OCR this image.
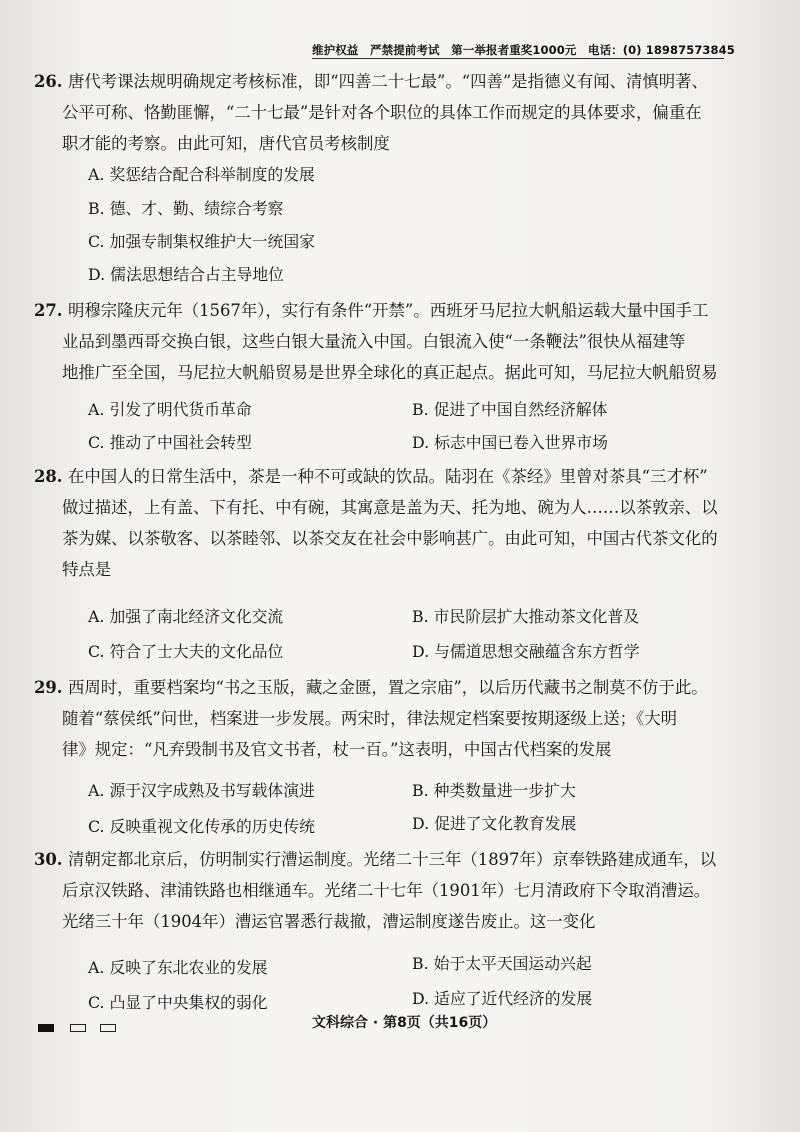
维护权益　严禁提前考试　第一举报者重奖1000元　电话：(0) 18987573845
26. 唐代考课法规明确规定考核标准，即“四善二十七最”。“四善”是指德义有闻、清慎明著、
公平可称、恪勤匪懈，“二十七最”是针对各个职位的具体工作而规定的具体要求，偏重在
职才能的考察。由此可知，唐代官员考核制度
A. 奖惩结合配合科举制度的发展
B. 德、才、勤、绩综合考察
C. 加强专制集权维护大一统国家
D. 儒法思想结合占主导地位
27. 明穆宗隆庆元年（1567年），实行有条件“开禁”。西班牙马尼拉大帆船运载大量中国手工
业品到墨西哥交换白银，这些白银大量流入中国。白银流入使“一条鞭法”很快从福建等
地推广至全国，马尼拉大帆船贸易是世界全球化的真正起点。据此可知，马尼拉大帆船贸易
A. 引发了明代货币革命	B. 促进了中国自然经济解体
C. 推动了中国社会转型	D. 标志中国已卷入世界市场
28. 在中国人的日常生活中，茶是一种不可或缺的饮品。陆羽在《茶经》里曾对茶具“三才杯”
做过描述，上有盖、下有托、中有碗，其寓意是盖为天、托为地、碗为人……以茶敦亲、以
茶为媒、以茶敬客、以茶睦邻、以茶交友在社会中影响甚广。由此可知，中国古代茶文化的
特点是
A. 加强了南北经济文化交流	B. 市民阶层扩大推动茶文化普及
C. 符合了士大夫的文化品位	D. 与儒道思想交融蕴含东方哲学
29. 西周时，重要档案均“书之玉版，藏之金匮，置之宗庙”，以后历代藏书之制莫不仿于此。
随着“蔡侯纸”问世，档案进一步发展。两宋时，律法规定档案要按期逐级上送；《大明
律》规定：“凡弃毁制书及官文书者，杖一百。”这表明，中国古代档案的发展
A. 源于汉字成熟及书写载体演进	B. 种类数量进一步扩大
C. 反映重视文化传承的历史传统	D. 促进了文化教育发展
30. 清朝定都北京后，仿明制实行漕运制度。光绪二十三年（1897年）京奉铁路建成通车，以
后京汉铁路、津浦铁路也相继通车。光绪二十七年（1901年）七月清政府下令取消漕运。
光绪三十年（1904年）漕运官署悉行裁撤，漕运制度遂告废止。这一变化
A. 反映了东北农业的发展	B. 始于太平天国运动兴起
C. 凸显了中央集权的弱化	D. 适应了近代经济的发展
文科综合 · 第8页（共16页）
